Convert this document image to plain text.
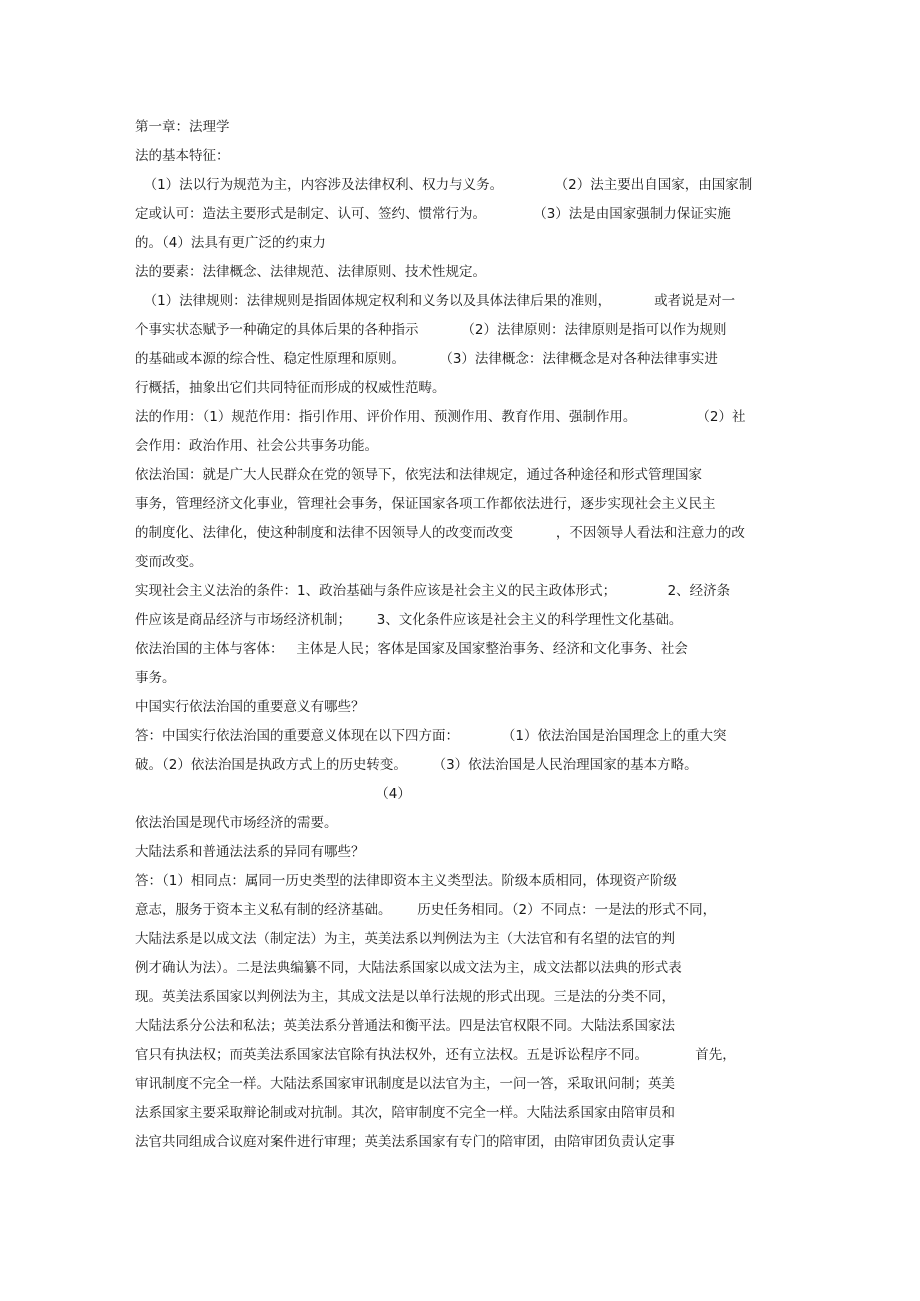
第一章：法理学
法的基本特征：
（1）法以行为规范为主，内容涉及法律权利、权力与义务。            （2）法主要出自国家，由国家制
定或认可：造法主要形式是制定、认可、签约、惯常行为。           （3）法是由国家强制力保证实施
的。（4）法具有更广泛的约束力
法的要素：法律概念、法律规范、法律原则、技术性规定。
（1）法律规则：法律规则是指固体规定权利和义务以及具体法律后果的准则，          或者说是对一
个事实状态赋予一种确定的具体后果的各种指示          （2）法律原则：法律原则是指可以作为规则
的基础或本源的综合性、稳定性原理和原则。        （3）法律概念：法律概念是对各种法律事实进
行概括，抽象出它们共同特征而形成的权威性范畴。
法的作用：（1）规范作用：指引作用、评价作用、预测作用、教育作用、强制作用。              （2）社
会作用：政治作用、社会公共事务功能。
依法治国：就是广大人民群众在党的领导下，依宪法和法律规定，通过各种途径和形式管理国家
事务，管理经济文化事业，管理社会事务，保证国家各项工作都依法进行，逐步实现社会主义民主
的制度化、法律化，使这种制度和法律不因领导人的改变而改变          ，不因领导人看法和注意力的改
变而改变。
实现社会主义法治的条件：1、政治基础与条件应该是社会主义的民主政体形式；            2、经济条
件应该是商品经济与市场经济机制；      3、文化条件应该是社会主义的科学理性文化基础。
依法治国的主体与客体：   主体是人民；客体是国家及国家整治事务、经济和文化事务、社会
事务。
中国实行依法治国的重要意义有哪些？
答：中国实行依法治国的重要意义体现在以下四方面：          （1）依法治国是治国理念上的重大突
破。（2）依法治国是执政方式上的历史转变。      （3）依法治国是人民治理国家的基本方略。
（4）
依法治国是现代市场经济的需要。
大陆法系和普通法法系的异同有哪些？
答：（1）相同点：属同一历史类型的法律即资本主义类型法。阶级本质相同，体现资产阶级
意志，服务于资本主义私有制的经济基础。      历史任务相同。（2）不同点：一是法的形式不同，
大陆法系是以成文法（制定法）为主，英美法系以判例法为主（大法官和有名望的法官的判
例才确认为法）。二是法典编纂不同，大陆法系国家以成文法为主，成文法都以法典的形式表
现。英美法系国家以判例法为主，其成文法是以单行法规的形式出现。三是法的分类不同，
大陆法系分公法和私法；英美法系分普通法和衡平法。四是法官权限不同。大陆法系国家法
官只有执法权；而英美法系国家法官除有执法权外，还有立法权。五是诉讼程序不同。           首先，
审讯制度不完全一样。大陆法系国家审讯制度是以法官为主，一问一答，采取讯问制；英美
法系国家主要采取辩论制或对抗制。其次，陪审制度不完全一样。大陆法系国家由陪审员和
法官共同组成合议庭对案件进行审理；英美法系国家有专门的陪审团，由陪审团负责认定事
